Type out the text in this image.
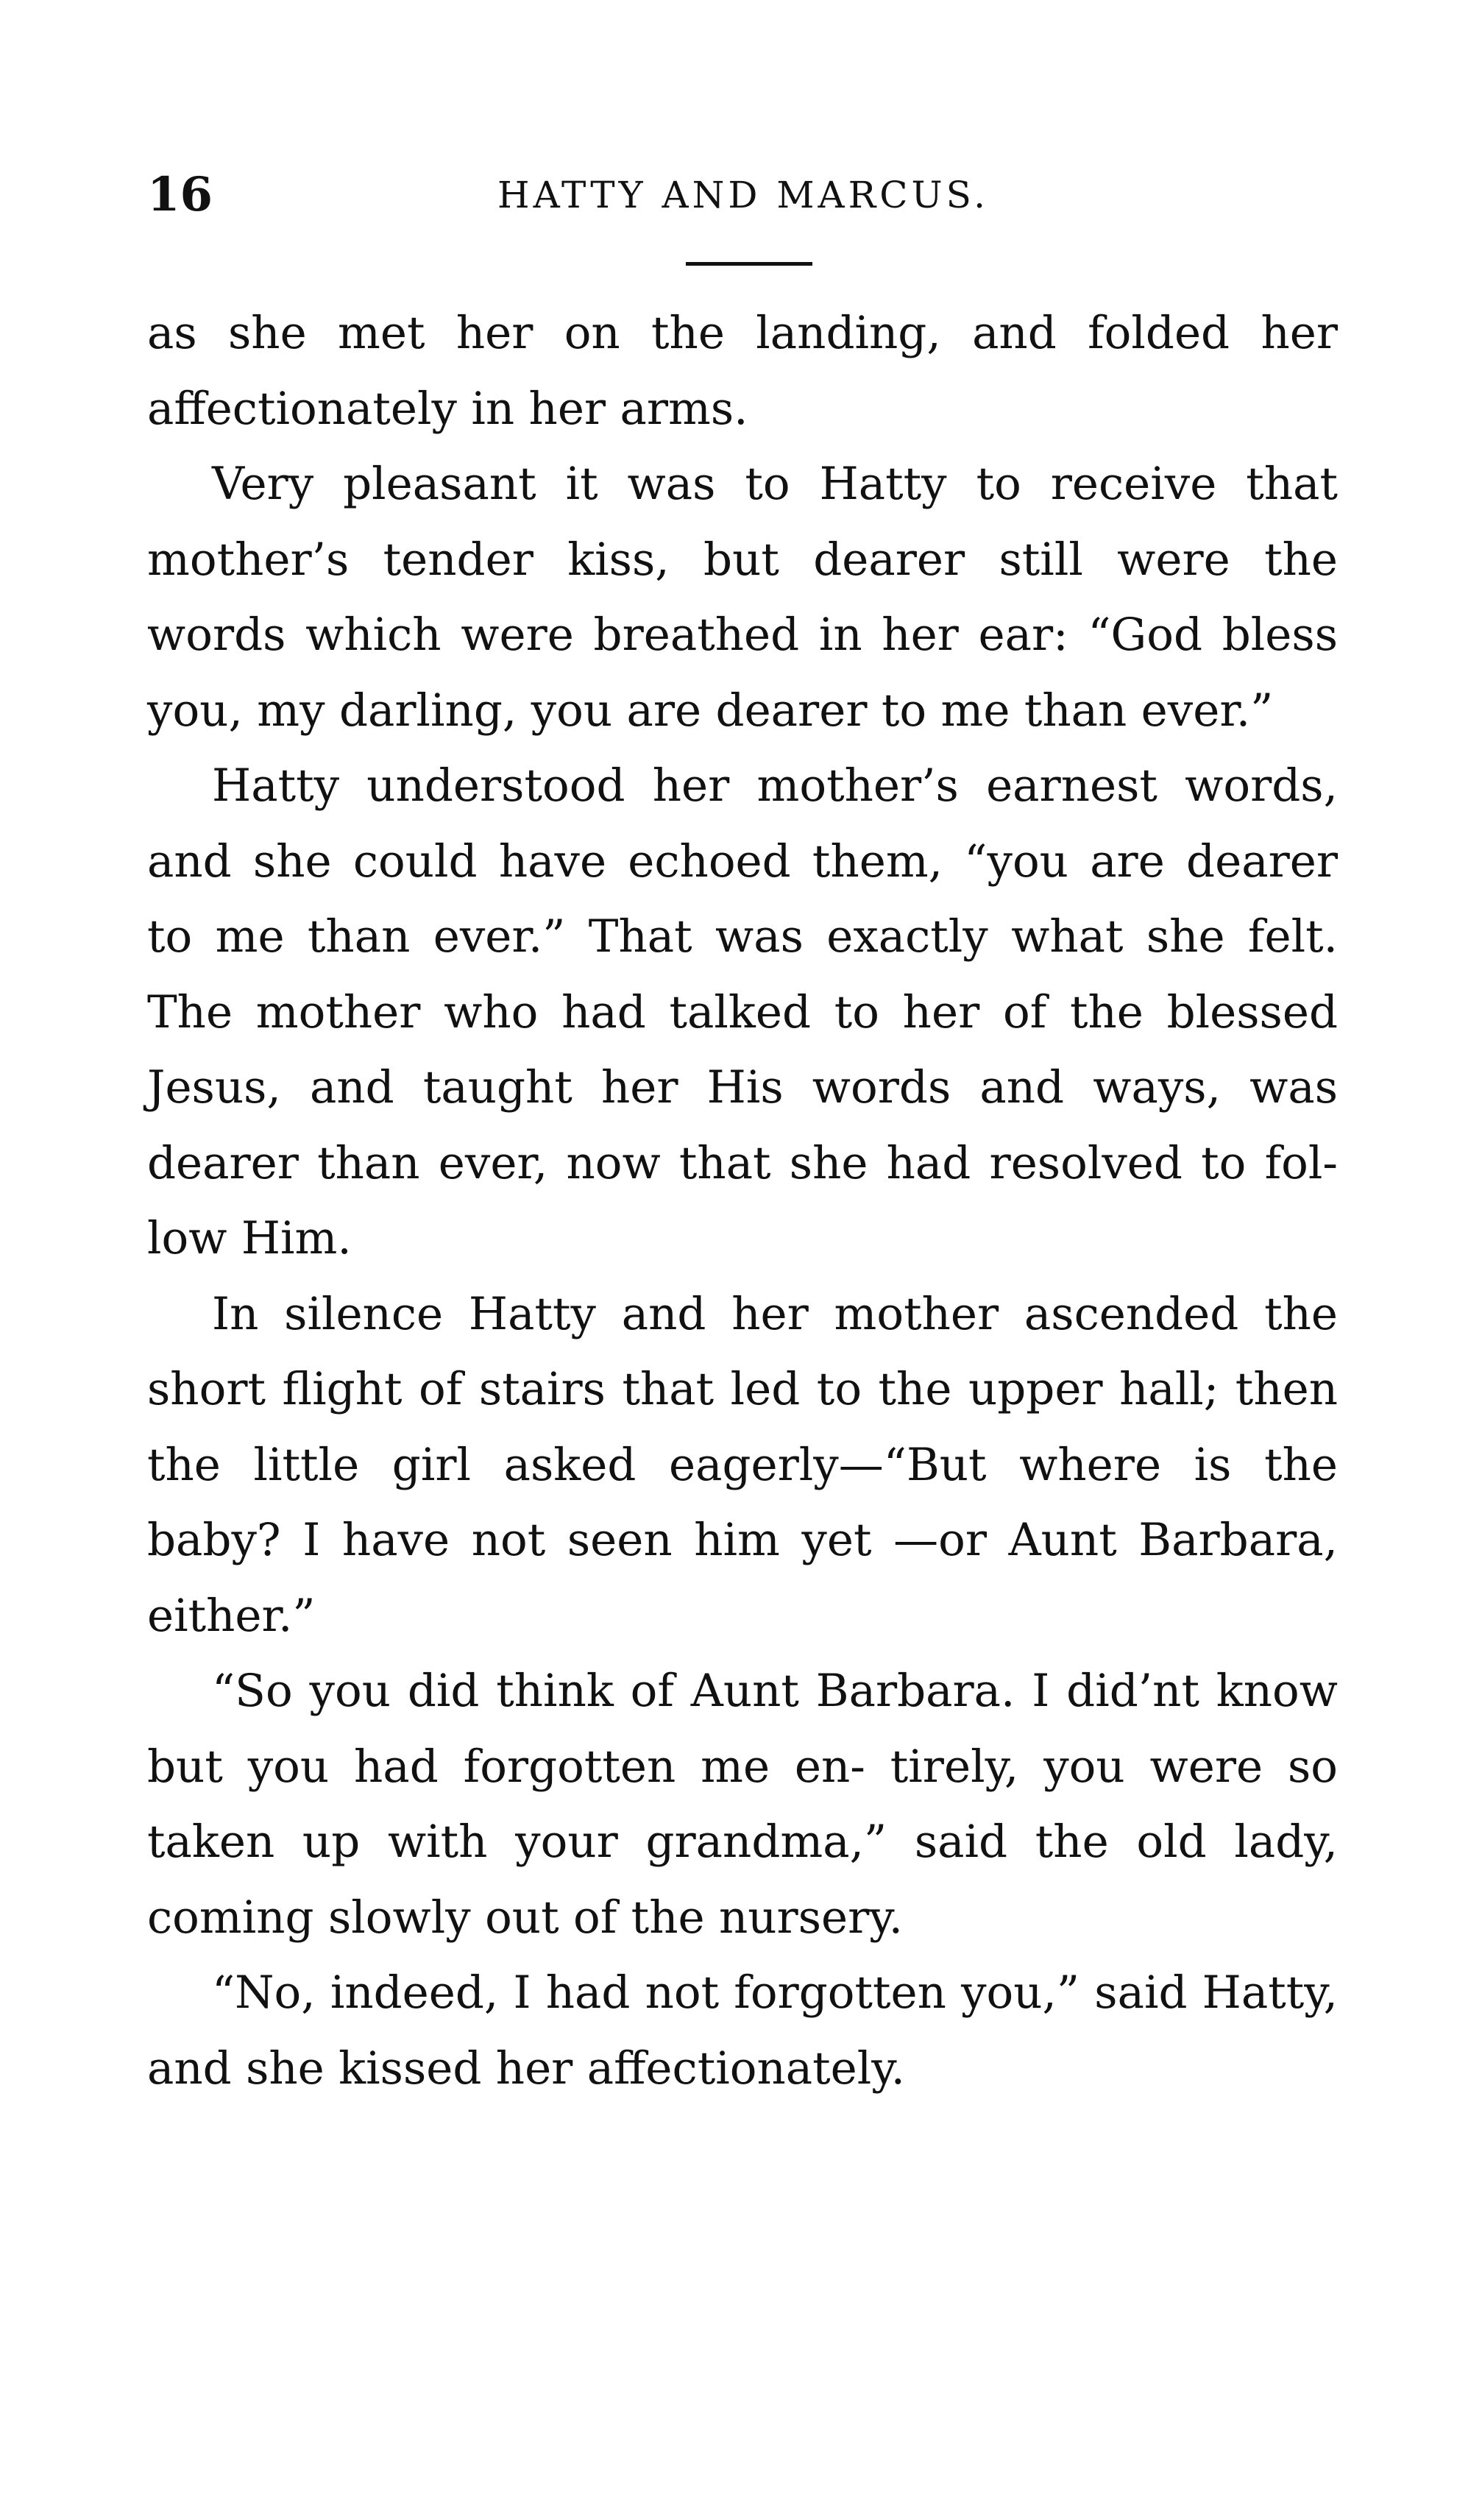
16	HATTY AND MARCUS.

as she met her on the landing, and folded her affectionately in her arms.

Very pleasant it was to Hatty to receive that mother’s tender kiss, but dearer still were the words which were breathed in her ear: “God bless you, my darling, you are dearer to me than ever.”

Hatty understood her mother’s earnest words, and she could have echoed them, “you are dearer to me than ever.” That was exactly what she felt. The mother who had talked to her of the blessed Jesus, and taught her His words and ways, was dearer than ever, now that she had resolved to fol- low Him.

In silence Hatty and her mother ascended the short flight of stairs that led to the upper hall; then the little girl asked eagerly—“But where is the baby? I have not seen him yet —or Aunt Barbara, either.”

“So you did think of Aunt Barbara. I did’nt know but you had forgotten me en- tirely, you were so taken up with your grandma,” said the old lady, coming slowly out of the nursery.

“No, indeed, I had not forgotten you,” said Hatty, and she kissed her affectionately.
